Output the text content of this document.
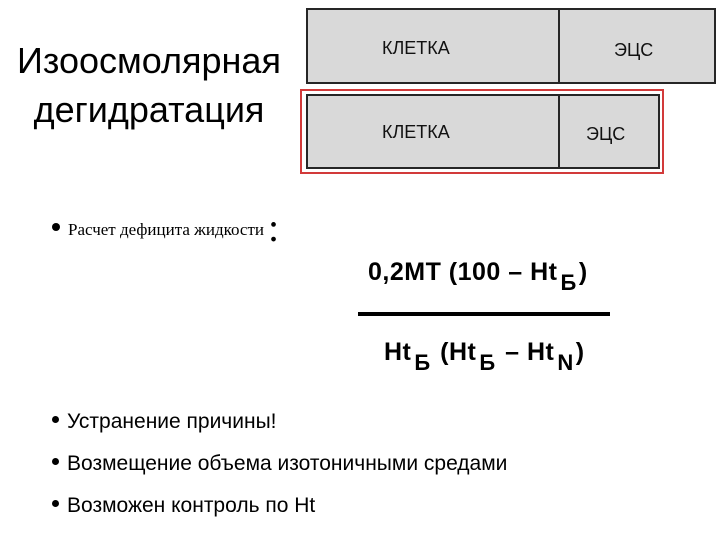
Изоосмолярная
дегидратация
КЛЕТКА	ЭЦС
КЛЕТКА	ЭЦС
Расчет дефицита жидкости :
0,2МТ (100 – Ht Б)
Ht Б (Ht Б – Ht N)
Устранение причины!
Возмещение объема изотоничными средами
Возможен контроль по Ht
